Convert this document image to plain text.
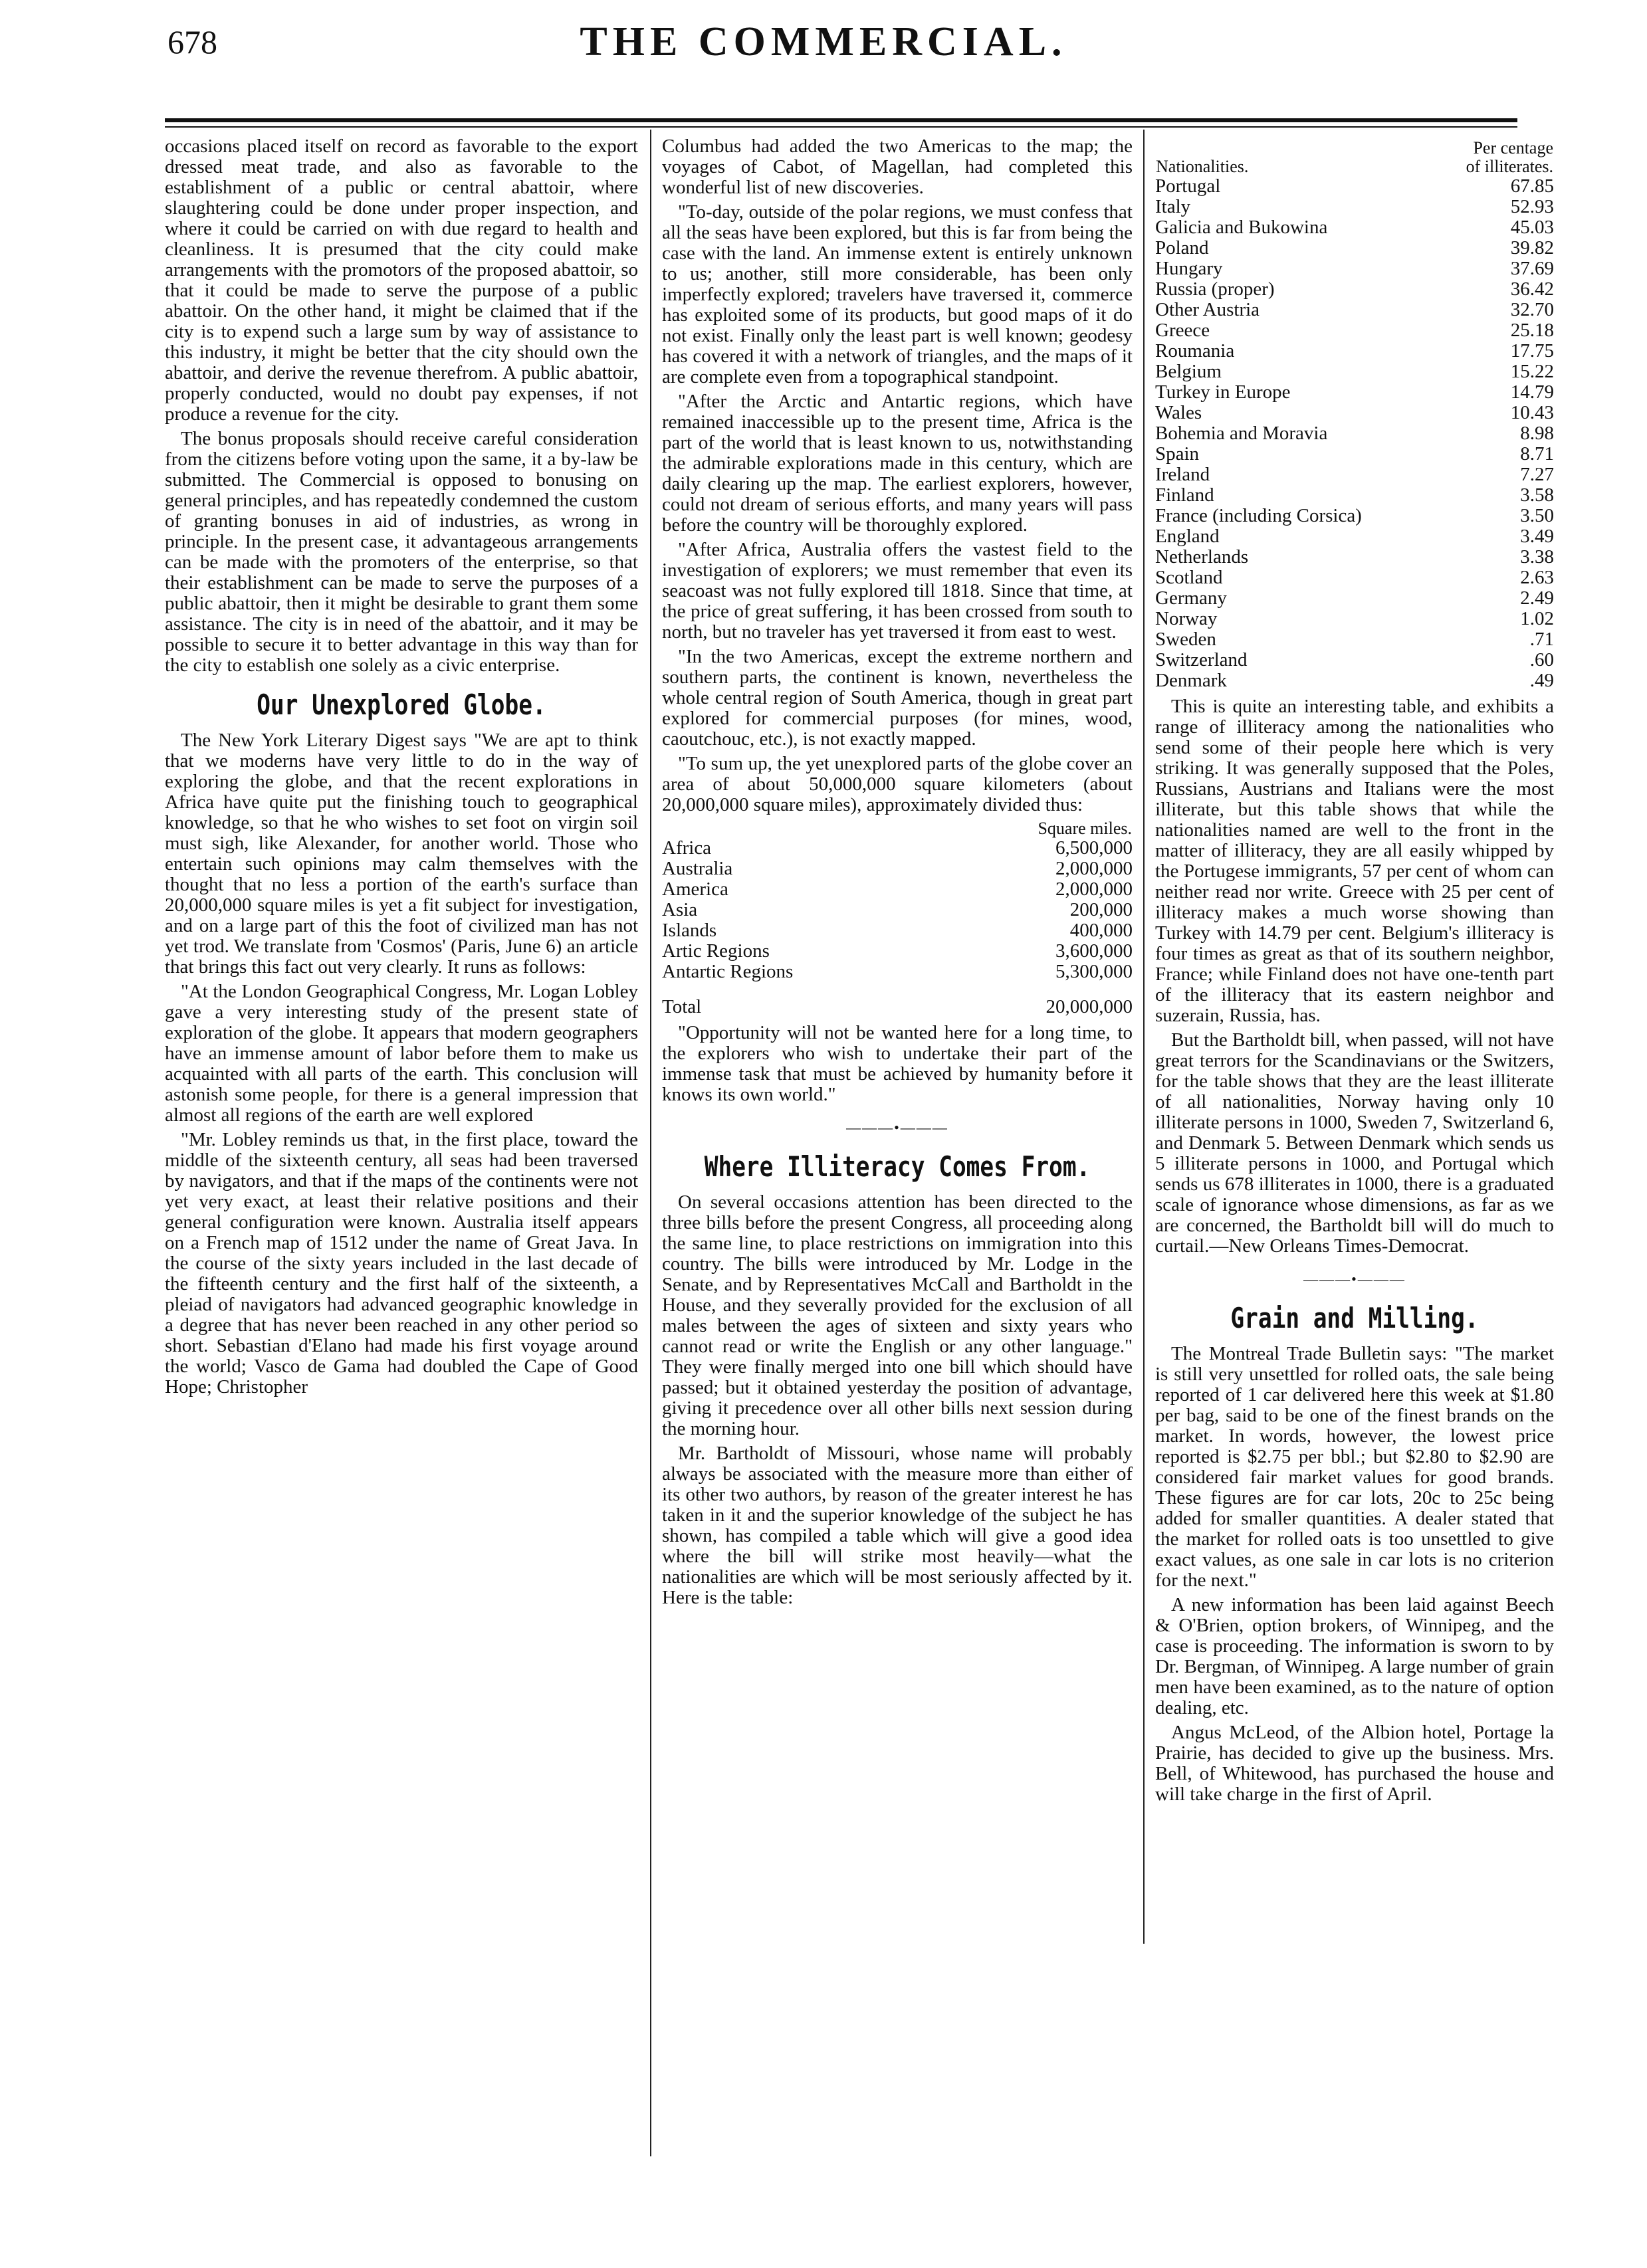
678	THE COMMERCIAL.

occasions placed itself on record as favorable to the export dressed meat trade, and also as favorable to the establishment of a public or central abattoir, where slaughtering could be done under proper inspection, and where it could be carried on with due regard to health and cleanliness. It is presumed that the city could make arrangements with the promotors of the proposed abattoir, so that it could be made to serve the purpose of a public abattoir. On the other hand, it might be claimed that if the city is to expend such a large sum by way of assistance to this industry, it might be better that the city should own the abattoir, and derive the revenue therefrom. A public abattoir, properly conducted, would no doubt pay expenses, if not produce a revenue for the city.

The bonus proposals should receive careful consideration from the citizens before voting upon the same, it a by-law be submitted. The Commercial is opposed to bonusing on general principles, and has repeatedly condemned the custom of granting bonuses in aid of industries, as wrong in principle. In the present case, it advantageous arrangements can be made with the promoters of the enterprise, so that their establishment can be made to serve the purposes of a public abattoir, then it might be desirable to grant them some assistance. The city is in need of the abattoir, and it may be possible to secure it to better advantage in this way than for the city to establish one solely as a civic enterprise.

Our Unexplored Globe.

The New York Literary Digest says "We are apt to think that we moderns have very little to do in the way of exploring the globe, and that the recent explorations in Africa have quite put the finishing touch to geographical knowledge, so that he who wishes to set foot on virgin soil must sigh, like Alexander, for another world. Those who entertain such opinions may calm themselves with the thought that no less a portion of the earth's surface than 20,000,000 square miles is yet a fit subject for investigation, and on a large part of this the foot of civilized man has not yet trod. We translate from 'Cosmos' (Paris, June 6) an article that brings this fact out very clearly. It runs as follows:

"At the London Geographical Congress, Mr. Logan Lobley gave a very interesting study of the present state of exploration of the globe. It appears that modern geographers have an immense amount of labor before them to make us acquainted with all parts of the earth. This conclusion will astonish some people, for there is a general impression that almost all regions of the earth are well explored

"Mr. Lobley reminds us that, in the first place, toward the middle of the sixteenth century, all seas had been traversed by navigators, and that if the maps of the continents were not yet very exact, at least their relative positions and their general configuration were known. Australia itself appears on a French map of 1512 under the name of Great Java. In the course of the sixty years included in the last decade of the fifteenth century and the first half of the sixteenth, a pleiad of navigators had advanced geographic knowledge in a degree that has never been reached in any other period so short. Sebastian d'Elano had made his first voyage around the world; Vasco de Gama had doubled the Cape of Good Hope; Christopher

Columbus had added the two Americas to the map; the voyages of Cabot, of Magellan, had completed this wonderful list of new discoveries.

"To-day, outside of the polar regions, we must confess that all the seas have been explored, but this is far from being the case with the land. An immense extent is entirely unknown to us; another, still more considerable, has been only imperfectly explored; travelers have traversed it, commerce has exploited some of its products, but good maps of it do not exist. Finally only the least part is well known; geodesy has covered it with a network of triangles, and the maps of it are complete even from a topographical standpoint.

"After the Arctic and Antartic regions, which have remained inaccessible up to the present time, Africa is the part of the world that is least known to us, notwithstanding the admirable explorations made in this century, which are daily clearing up the map. The earliest explorers, however, could not dream of serious efforts, and many years will pass before the country will be thoroughly explored.

"After Africa, Australia offers the vastest field to the investigation of explorers; we must remember that even its seacoast was not fully explored till 1818. Since that time, at the price of great suffering, it has been crossed from south to north, but no traveler has yet traversed it from east to west.

"In the two Americas, except the extreme northern and southern parts, the continent is known, nevertheless the whole central region of South America, though in great part explored for commercial purposes (for mines, wood, caoutchouc, etc.), is not exactly mapped.

"To sum up, the yet unexplored parts of the globe cover an area of about 50,000,000 square kilometers (about 20,000,000 square miles), approximately divided thus:

Square miles.	
Africa	6,500,000
Australia	2,000,000
America	2,000,000
Asia	200,000
Islands	400,000
Artic Regions	3,600,000
Antartic Regions	5,300,000
Total	20,000,000

"Opportunity will not be wanted here for a long time, to the explorers who wish to undertake their part of the immense task that must be achieved by humanity before it knows its own world."

———•———
Where Illiteracy Comes From.

On several occasions attention has been directed to the three bills before the present Congress, all proceeding along the same line, to place restrictions on immigration into this country. The bills were introduced by Mr. Lodge in the Senate, and by Representatives McCall and Bartholdt in the House, and they severally provided for the exclusion of all males between the ages of sixteen and sixty years who cannot read or write the English or any other language." They were finally merged into one bill which should have passed; but it obtained yesterday the position of advantage, giving it precedence over all other bills next session during the morning hour.

Mr. Bartholdt of Missouri, whose name will probably always be associated with the measure more than either of its other two authors, by reason of the greater interest he has taken in it and the superior knowledge of the subject he has shown, has compiled a table which will give a good idea where the bill will strike most heavily—what the nationalities are which will be most seriously affected by it. Here is the table:

Per centage	
Nationalities.	of illiterates.
Portugal	67.85
Italy	52.93
Galicia and Bukowina	45.03
Poland	39.82
Hungary	37.69
Russia (proper)	36.42
Other Austria	32.70
Greece	25.18
Roumania	17.75
Belgium	15.22
Turkey in Europe	14.79
Wales	10.43
Bohemia and Moravia	8.98
Spain	8.71
Ireland	7.27
Finland	3.58
France (including Corsica)	3.50
England	3.49
Netherlands	3.38
Scotland	2.63
Germany	2.49
Norway	1.02
Sweden	.71
Switzerland	.60
Denmark	.49

This is quite an interesting table, and exhibits a range of illiteracy among the nationalities who send some of their people here which is very striking. It was generally supposed that the Poles, Russians, Austrians and Italians were the most illiterate, but this table shows that while the nationalities named are well to the front in the matter of illiteracy, they are all easily whipped by the Portugese immigrants, 57 per cent of whom can neither read nor write. Greece with 25 per cent of illiteracy makes a much worse showing than Turkey with 14.79 per cent. Belgium's illiteracy is four times as great as that of its southern neighbor, France; while Finland does not have one-tenth part of the illiteracy that its eastern neighbor and suzerain, Russia, has.

But the Bartholdt bill, when passed, will not have great terrors for the Scandinavians or the Switzers, for the table shows that they are the least illiterate of all nationalities, Norway having only 10 illiterate persons in 1000, Sweden 7, Switzerland 6, and Denmark 5. Between Denmark which sends us 5 illiterate persons in 1000, and Portugal which sends us 678 illiterates in 1000, there is a graduated scale of ignorance whose dimensions, as far as we are concerned, the Bartholdt bill will do much to curtail.—New Orleans Times-Democrat.

———•———
Grain and Milling.

The Montreal Trade Bulletin says: "The market is still very unsettled for rolled oats, the sale being reported of 1 car delivered here this week at $1.80 per bag, said to be one of the finest brands on the market. In words, however, the lowest price reported is $2.75 per bbl.; but $2.80 to $2.90 are considered fair market values for good brands. These figures are for car lots, 20c to 25c being added for smaller quantities. A dealer stated that the market for rolled oats is too unsettled to give exact values, as one sale in car lots is no criterion for the next."

A new information has been laid against Beech & O'Brien, option brokers, of Winnipeg, and the case is proceeding. The information is sworn to by Dr. Bergman, of Winnipeg. A large number of grain men have been examined, as to the nature of option dealing, etc.

Angus McLeod, of the Albion hotel, Portage la Prairie, has decided to give up the business. Mrs. Bell, of Whitewood, has purchased the house and will take charge in the first of April.
